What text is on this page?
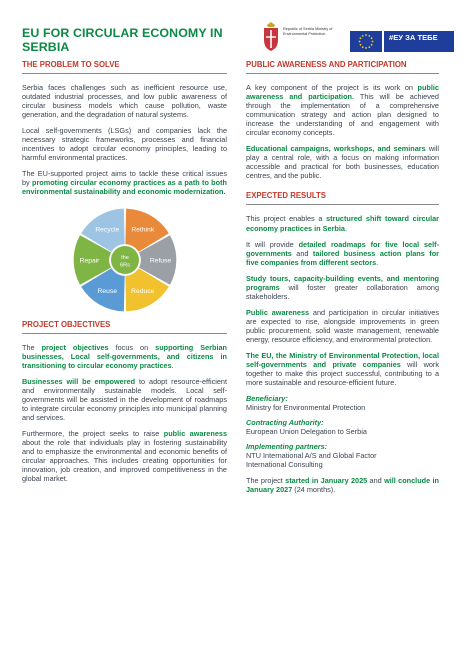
EU FOR CIRCULAR ECONOMY IN SERBIA
Republic of Serbia Ministry of Environmental Protection	#ЕУ ЗА ТЕБЕ
THE PROBLEM TO SOLVE

Serbia faces challenges such as inefficient resource use, outdated industrial processes, and low public awareness of circular business models which cause pollution, waste generation, and the degradation of natural systems.

Local self-governments (LSGs) and companies lack the necessary strategic frameworks, processes and financial incentives to adopt circular economy principles, leading to harmful environmental practices.

The EU-supported project aims to tackle these critical issues by promoting circular economy practices as a path to both environmental sustainability and economic modernization.

Rethink
Refuse
Reduce
Reuse
Repair
Recycle
the
6Rs
PROJECT OBJECTIVES

The project objectives focus on supporting Serbian businesses, Local self-governments, and citizens in transitioning to circular economy practices.

Businesses will be empowered to adopt resource-efficient and environmentally sustainable models. Local self-governments will be assisted in the development of roadmaps to integrate circular economy principles into municipal planning and services.

Furthermore, the project seeks to raise public awareness about the role that individuals play in fostering sustainability and to emphasize the environmental and economic benefits of circular approaches. This includes creating opportunities for innovation, job creation, and improved competitiveness in the global market.

PUBLIC AWARENESS AND PARTICIPATION

A key component of the project is its work on public awareness and participation. This will be achieved through the implementation of a comprehensive communication strategy and action plan designed to increase the understanding of and engagement with circular economy concepts.

Educational campaigns, workshops, and seminars will play a central role, with a focus on making information accessible and practical for both businesses, education centres, and the public.

EXPECTED RESULTS

This project enables a structured shift toward circular economy practices in Serbia.

It will provide detailed roadmaps for five local self-governments and tailored business action plans for five companies from different sectors.

Study tours, capacity-building events, and mentoring programs will foster greater collaboration among stakeholders.

Public awareness and participation in circular initiatives are expected to rise, alongside improvements in green public procurement, solid waste management, renewable energy, resource efficiency, and environmental protection.

The EU, the Ministry of Environmental Protection, local self-governments and private companies will work together to make this project successful, contributing to a more sustainable and resource-efficient future.

Beneficiary:
Ministry for Environmental Protection
Contracting Authority:
European Union Delegation to Serbia
Implementing partners:
NTU International A/S and Global Factor
International Consulting

The project started in January 2025 and will conclude in January 2027 (24 months).
